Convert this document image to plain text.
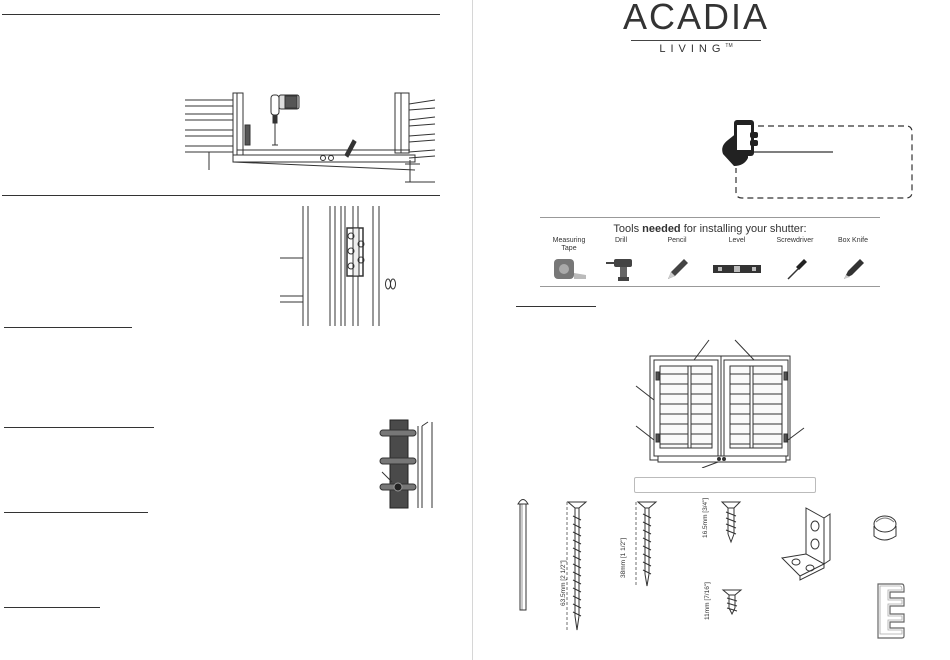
ACADIA
LIVING™
Tools needed for installing your shutter:
Measuring Tape
Drill	Pencil	Level	Screwdriver	Box Knife
63.5mm [2 1/2"]
38mm [1 1/2"]
16.5mm [3/4"]
11mm [7/16"]
